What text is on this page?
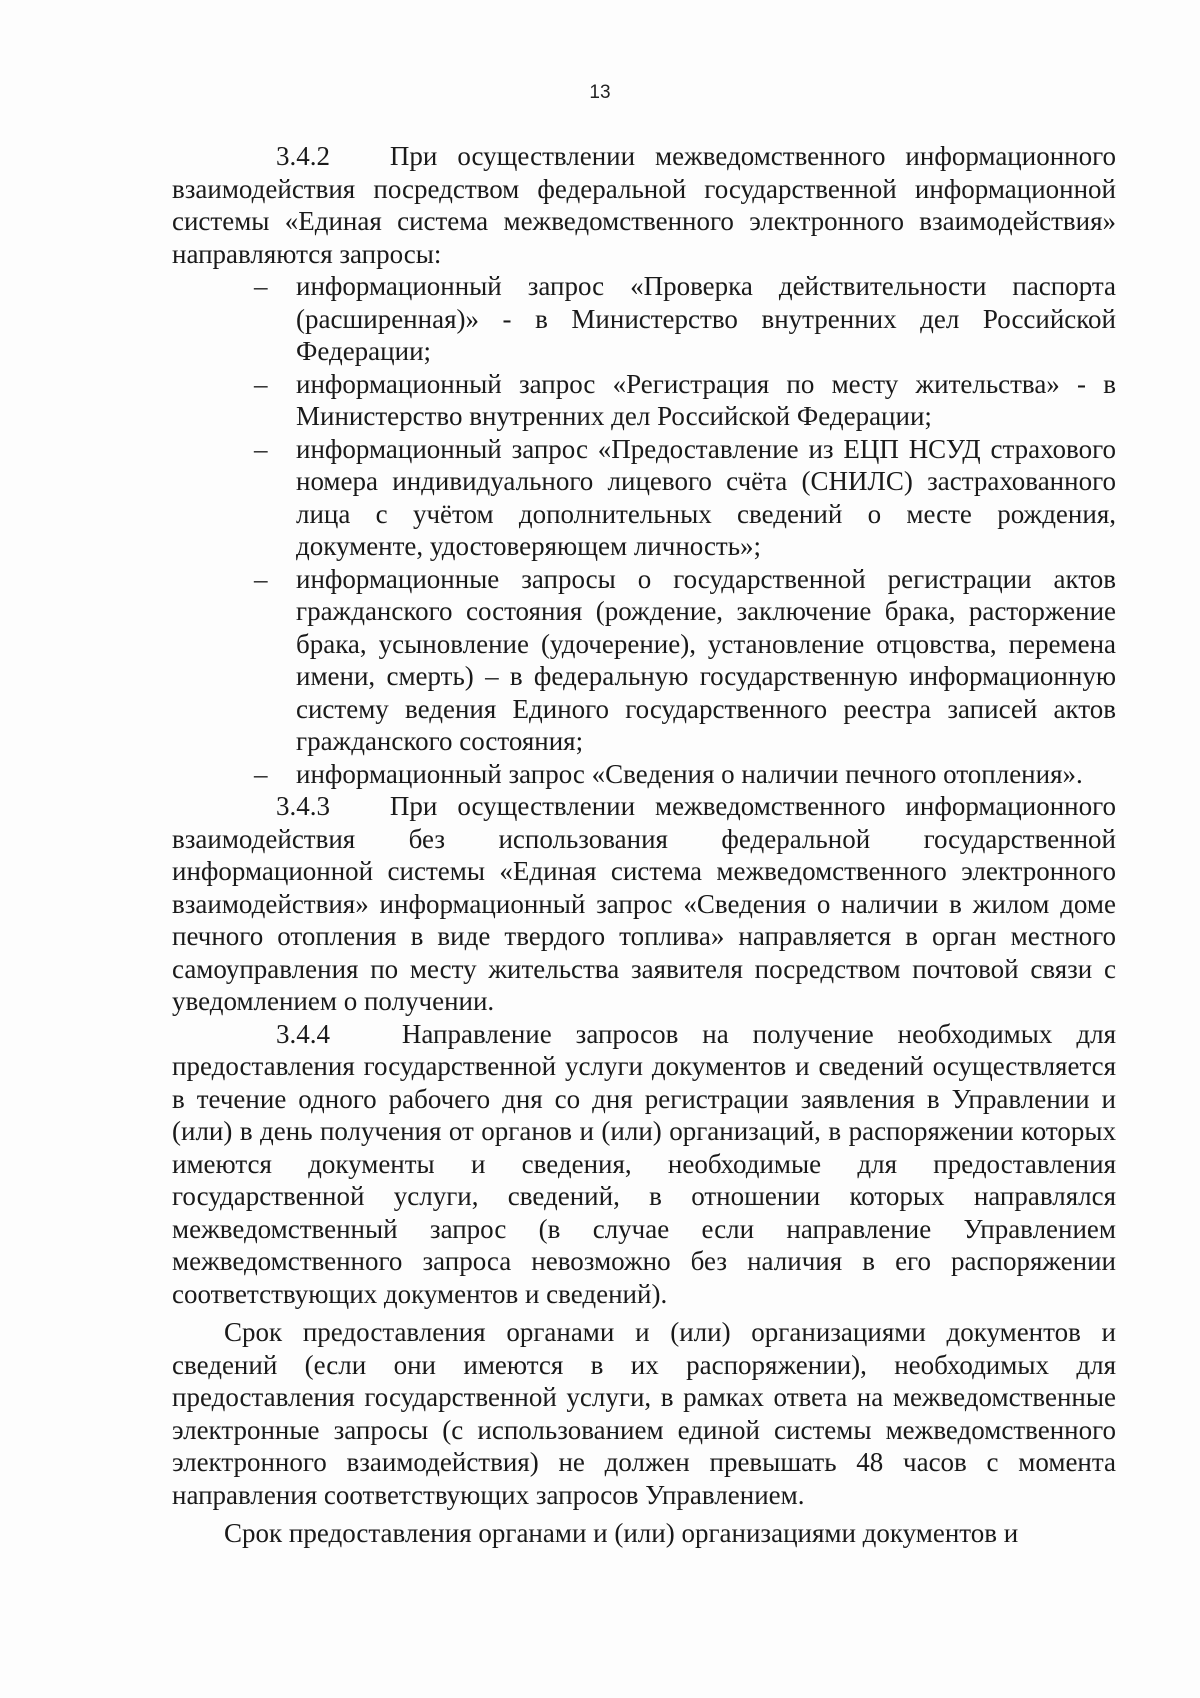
13

3.4.2 При осуществлении межведомственного информационного взаимодействия посредством федеральной государственной информационной системы «Единая система межведомственного электронного взаимодействия» направляются запросы:

– информационный запрос «Проверка действительности паспорта (расширенная)» - в Министерство внутренних дел Российской Федерации;
– информационный запрос «Регистрация по месту жительства» - в Министерство внутренних дел Российской Федерации;
– информационный запрос «Предоставление из ЕЦП НСУД страхового номера индивидуального лицевого счёта (СНИЛС) застрахованного лица с учётом дополнительных сведений о месте рождения, документе, удостоверяющем личность»;
– информационные запросы о государственной регистрации актов гражданского состояния (рождение, заключение брака, расторжение брака, усыновление (удочерение), установление отцовства, перемена имени, смерть) – в федеральную государственную информационную систему ведения Единого государственного реестра записей актов гражданского состояния;
– информационный запрос «Сведения о наличии печного отопления».

3.4.3 При осуществлении межведомственного информационного взаимодействия без использования федеральной государственной информационной системы «Единая система межведомственного электронного взаимодействия» информационный запрос «Сведения о наличии в жилом доме печного отопления в виде твердого топлива» направляется в орган местного самоуправления по месту жительства заявителя посредством почтовой связи с уведомлением о получении.

3.4.4	Направление запросов на получение необходимых для предоставления государственной услуги документов и сведений осуществляется в течение одного рабочего дня со дня регистрации заявления в Управлении и (или) в день получения от органов и (или) организаций, в распоряжении которых имеются документы и сведения, необходимые для предоставления государственной услуги, сведений, в отношении которых направлялся межведомственный запрос (в случае если направление Управлением межведомственного запроса невозможно без наличия в его распоряжении соответствующих документов и сведений).

Срок предоставления органами и (или) организациями документов и сведений (если они имеются в их распоряжении), необходимых для предоставления государственной услуги, в рамках ответа на межведомственные электронные запросы (с использованием единой системы межведомственного электронного взаимодействия) не должен превышать 48 часов с момента направления соответствующих запросов Управлением.

Срок предоставления органами и (или) организациями документов и
